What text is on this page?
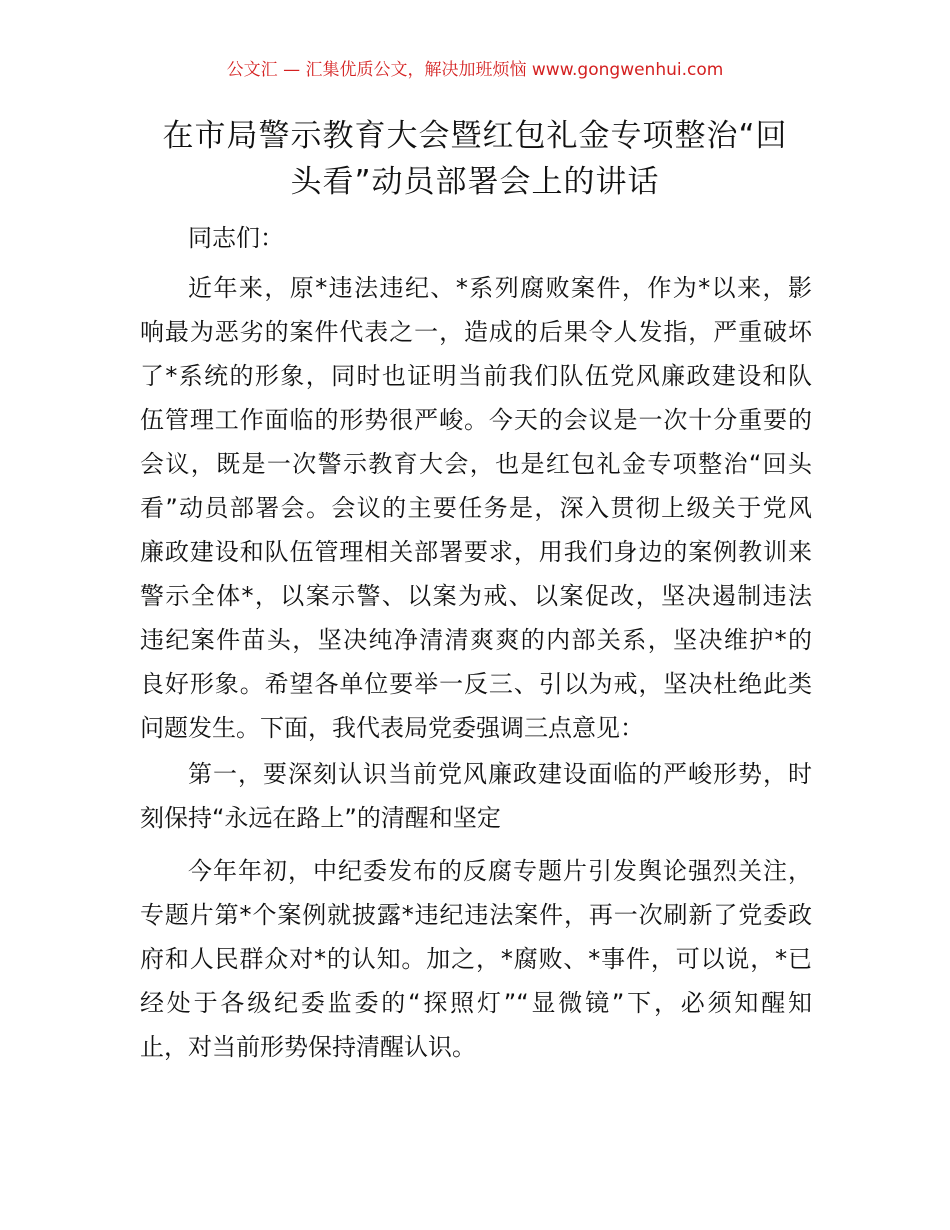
公文汇 — 汇集优质公文，解决加班烦恼 www.gongwenhui.com
在市局警示教育大会暨红包礼金专项整治“回
头看”动员部署会上的讲话
同志们：
近年来，原*违法违纪、*系列腐败案件，作为*以来，影
响最为恶劣的案件代表之一，造成的后果令人发指，严重破坏
了*系统的形象，同时也证明当前我们队伍党风廉政建设和队
伍管理工作面临的形势很严峻。今天的会议是一次十分重要的
会议，既是一次警示教育大会，也是红包礼金专项整治“回头
看”动员部署会。会议的主要任务是，深入贯彻上级关于党风
廉政建设和队伍管理相关部署要求，用我们身边的案例教训来
警示全体*，以案示警、以案为戒、以案促改，坚决遏制违法
违纪案件苗头，坚决纯净清清爽爽的内部关系，坚决维护*的
良好形象。希望各单位要举一反三、引以为戒，坚决杜绝此类
问题发生。下面，我代表局党委强调三点意见：
第一，要深刻认识当前党风廉政建设面临的严峻形势，时
刻保持“永远在路上”的清醒和坚定
今年年初，中纪委发布的反腐专题片引发舆论强烈关注，
专题片第*个案例就披露*违纪违法案件，再一次刷新了党委政
府和人民群众对*的认知。加之，*腐败、*事件，可以说，*已
经处于各级纪委监委的“探照灯”“显微镜”下，必须知醒知
止，对当前形势保持清醒认识。
